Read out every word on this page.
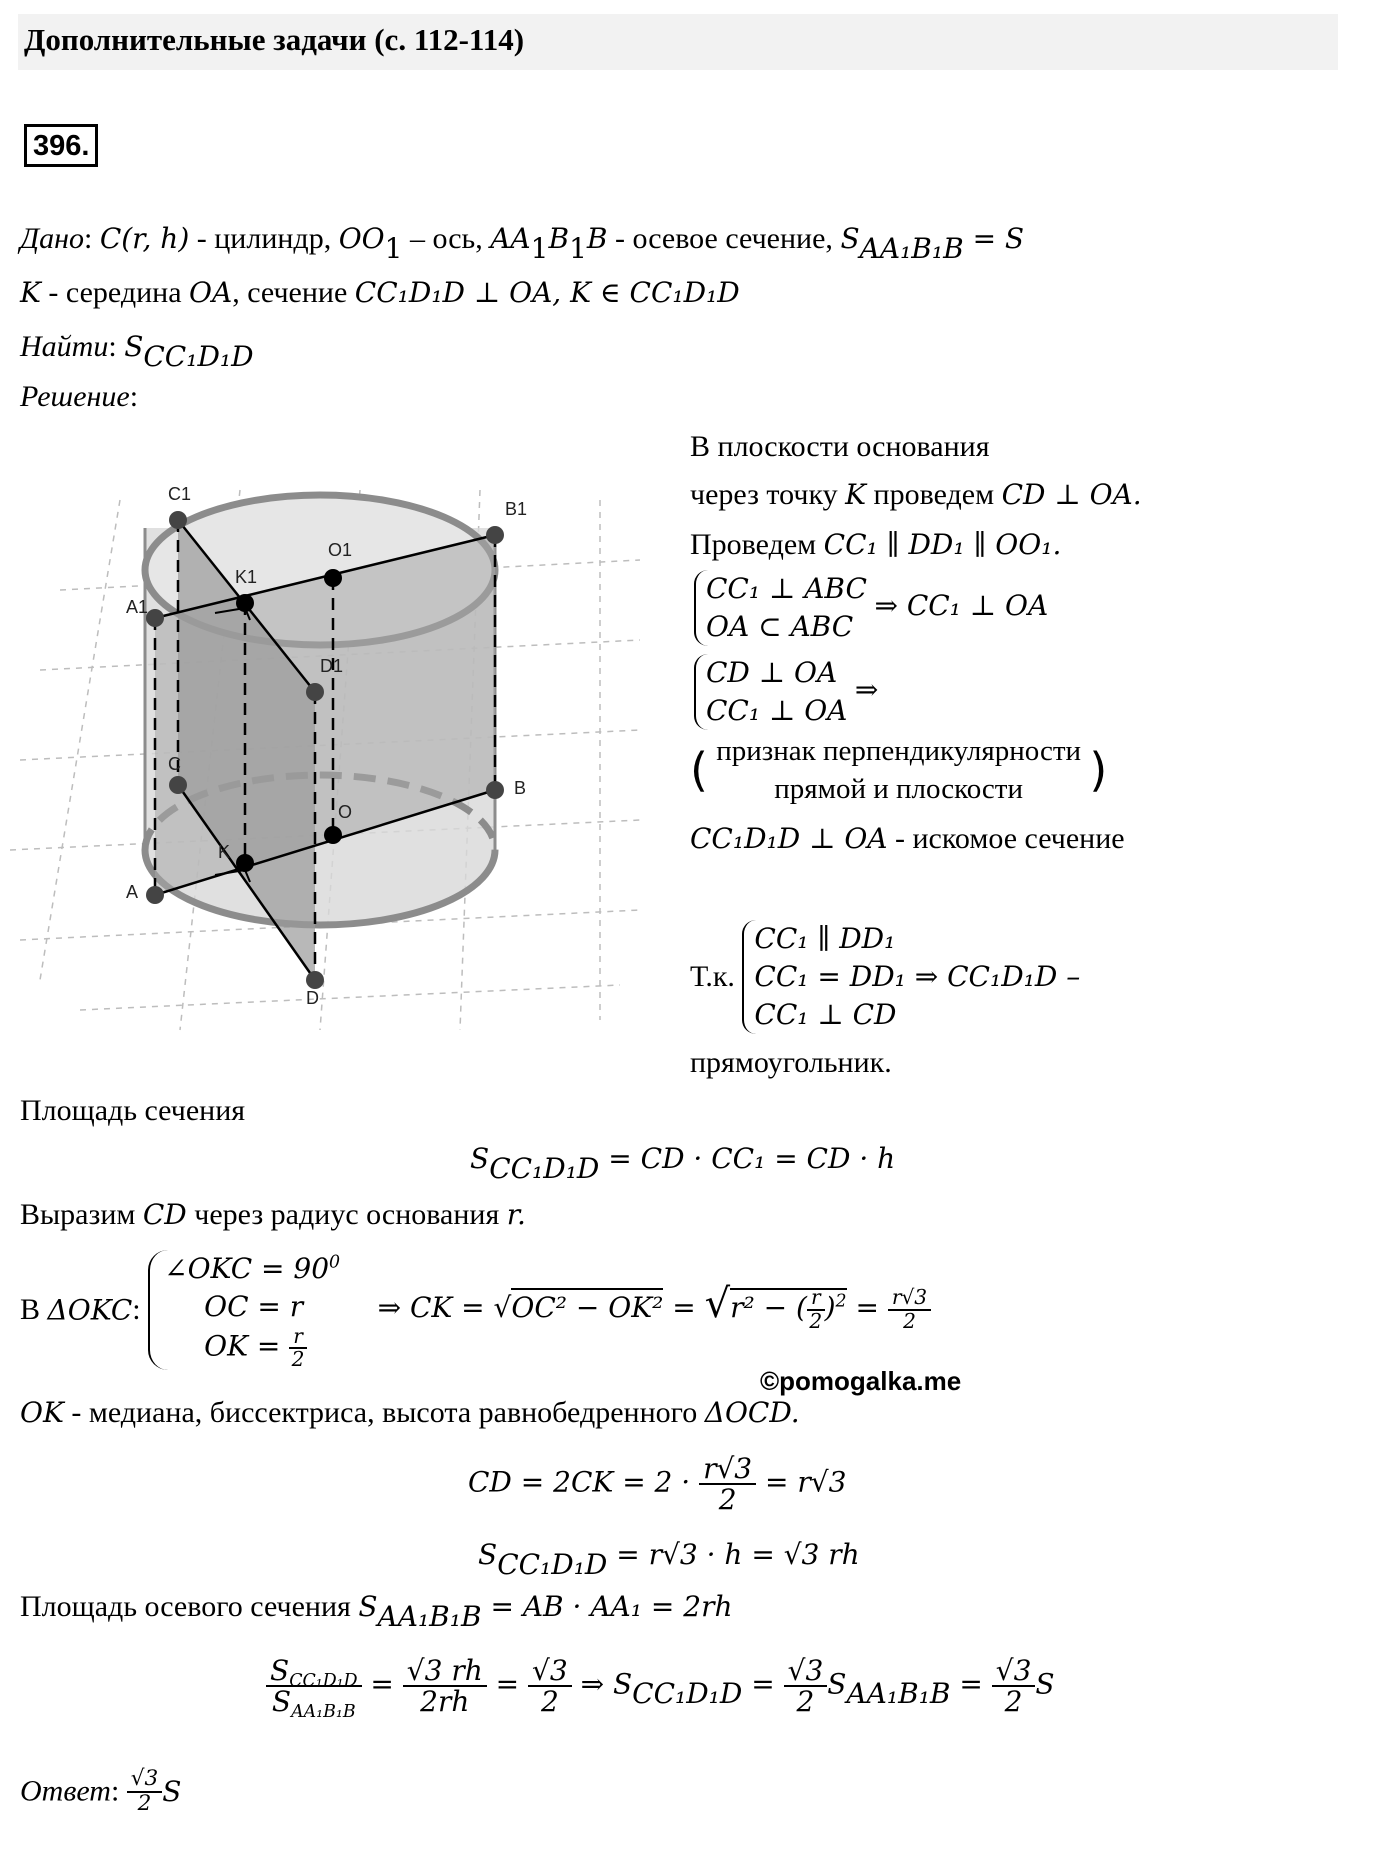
Дополнительные задачи (с. 112-114)
396.
Дано: C(r, h) - цилиндр, $OO_1$ – ось, $AA_1B_1B$ - осевое сечение, $S_{AA_1B_1B} = S$
K - середина OA, сечение CC₁D₁D ⊥ OA, K ∈ CC₁D₁D
Найти: $S_{CC_1D_1D}$
Решение:
C1
K1
A1
O1
B1
D1
C
O
B
K
A
D
В плоскости основания
через точку K проведем CD ⊥ OA.
Проведем CC₁ ∥ DD₁ ∥ OO₁.
CC₁ ⊥ ABC
OA ⊂ ABC
⇒ CC₁ ⊥ OA
CD ⊥ OA
CC₁ ⊥ OA
⇒
( признак перпендикулярности
прямой и плоскости	)
CC₁D₁D ⊥ OA - искомое сечение
Т.к.
CC₁ ∥ DD₁
CC₁ = DD₁ ⇒ CC₁D₁D –
CC₁ ⊥ CD
прямоугольник.
Площадь сечения
$S_{CC_1D_1D}$ = CD · CC₁ = CD · h
Выразим CD через радиус основания r.
В ΔOKC:
∠OKC = $90^0$
OC = r
OK = $\frac{r}{2}$
⇒ CK = √OC² − OK² = √r² − ( $\frac{r}{2} )^2 = \frac{r√3}{2}$
©pomogalka.me
OK - медиана, биссектриса, высота равнобедренного ΔOCD.
CD = $2CK = 2 \cdot \frac{r√3}{2} = r√3$
$S_{CC_1D_1D} = r√3 \cdot h = √3$ rh
Площадь осевого сечения $S_{AA_1B_1B}$ = AB · AA₁ = 2rh
$\frac{S_{CC_1D_1D}}{S_{AA_1B_1B}} = \frac{√3 rh}{2rh} = \frac{√3}{2}$ ⇒ $S_{CC_1D_1D} = \frac{√3}{2} S_{AA_1B_1B} = \frac{√3}{2}$ S
Ответ: $\frac{√3}{2}$ S
